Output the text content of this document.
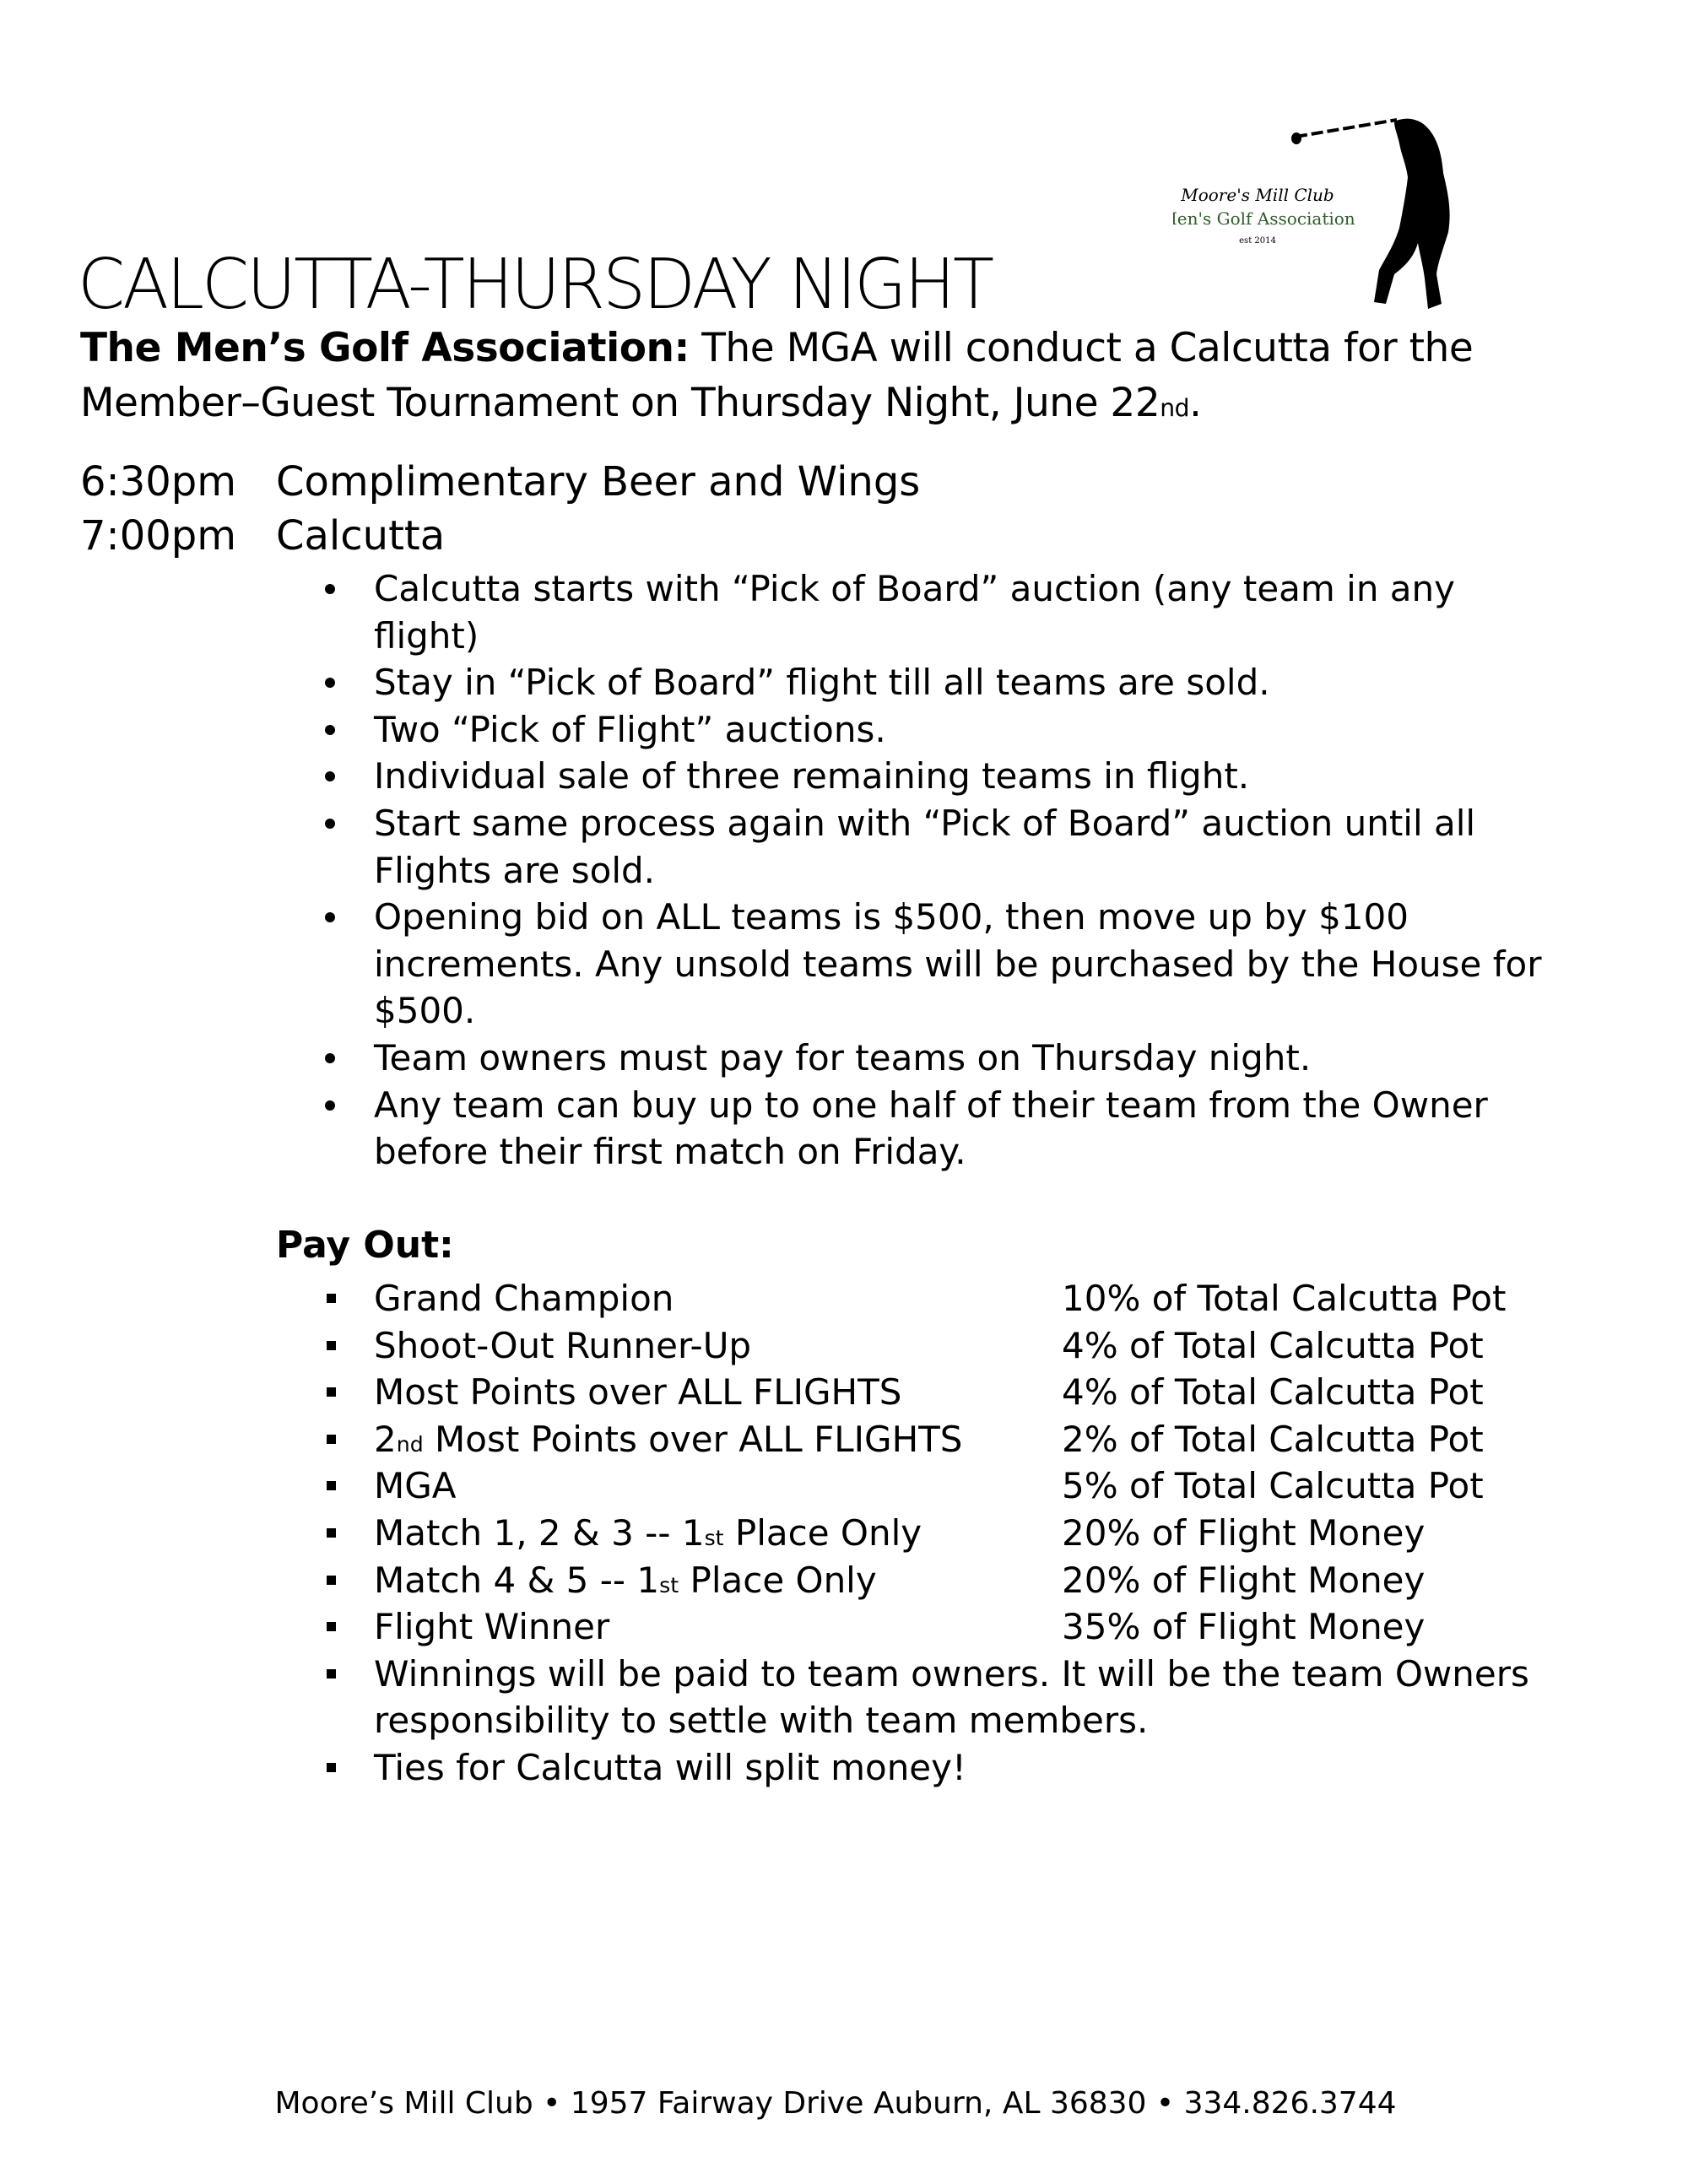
Moore's Mill Club
Men's Golf Association
est 2014
CALCUTTA-THURSDAY NIGHT
The Men’s Golf Association: The MGA will conduct a Calcutta for the
Member–Guest Tournament on Thursday Night, June 22nd.
6:30pm Complimentary Beer and Wings
7:00pm Calcutta
Calcutta starts with “Pick of Board” auction (any team in any
flight)
Stay in “Pick of Board” flight till all teams are sold.
Two “Pick of Flight” auctions.
Individual sale of three remaining teams in flight.
Start same process again with “Pick of Board” auction until all
Flights are sold.
Opening bid on ALL teams is $500, then move up by $100
increments. Any unsold teams will be purchased by the House for
$500.
Team owners must pay for teams on Thursday night.
Any team can buy up to one half of their team from the Owner
before their first match on Friday.
Pay Out:
Grand Champion	10% of Total Calcutta Pot
Shoot-Out Runner-Up	4% of Total Calcutta Pot
Most Points over ALL FLIGHTS	4% of Total Calcutta Pot
2nd Most Points over ALL FLIGHTS	2% of Total Calcutta Pot
MGA	5% of Total Calcutta Pot
Match 1, 2 & 3 -- 1st Place Only	20% of Flight Money
Match 4 & 5 -- 1st Place Only	20% of Flight Money
Flight Winner	35% of Flight Money
Winnings will be paid to team owners. It will be the team Owners
responsibility to settle with team members.
Ties for Calcutta will split money!
Moore’s Mill Club • 1957 Fairway Drive Auburn, AL 36830 • 334.826.3744
